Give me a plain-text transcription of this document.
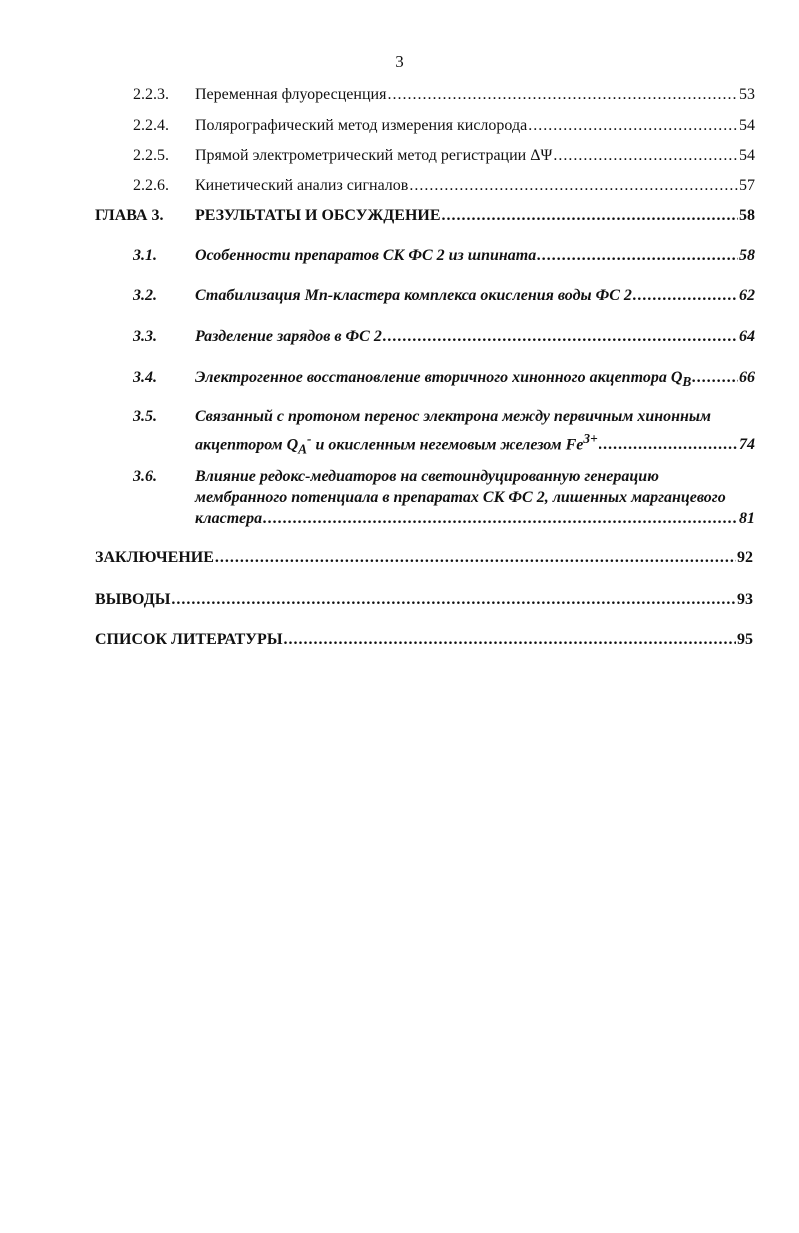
3
2.2.3. Переменная флуоресценция .....	53
2.2.4. Полярографический метод измерения кислорода .....	54
2.2.5. Прямой электрометрический метод регистрации ΔΨ .....	54
2.2.6. Кинетический анализ сигналов .....	57
ГЛАВА 3. РЕЗУЛЬТАТЫ И ОБСУЖДЕНИЕ .....	58
3.1. Особенности препаратов СК ФС 2 из шпината .....	58
3.2. Стабилизация Mn-кластера комплекса окисления воды ФС 2 .....	62
3.3. Разделение зарядов в ФС 2 .....	64
3.4. Электрогенное восстановление вторичного хинонного акцептора $Q_B$ .....	66
3.5. Связанный с протоном перенос электрона между первичным хинонным
акцептором $Q_A^-$ и окисленным негемовым железом $Fe^{3+}$ .....	74
3.6. Влияние редокс-медиаторов на светоиндуцированную генерацию
мембранного потенциала в препаратах СК ФС 2, лишенных марганцевого
кластера .....	81
ЗАКЛЮЧЕНИЕ .....	92
ВЫВОДЫ .....	93
СПИСОК ЛИТЕРАТУРЫ .....	95
